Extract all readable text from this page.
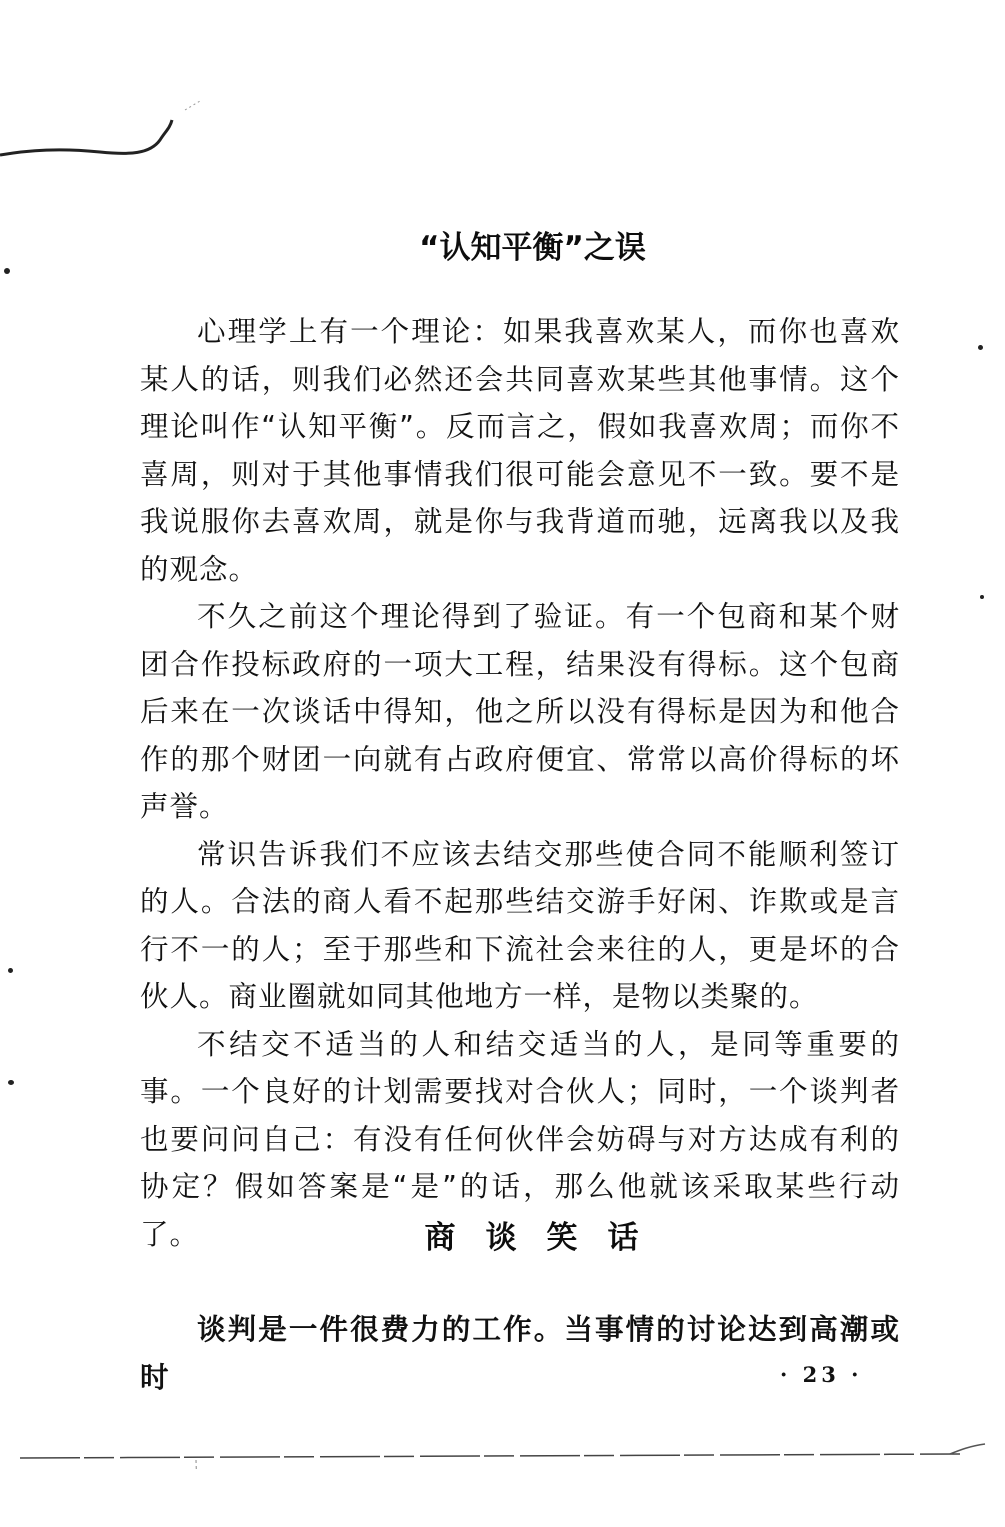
“认知平衡”之误

心理学上有一个理论：如果我喜欢某人，而你也喜欢某人的话，则我们必然还会共同喜欢某些其他事情。这个理论叫作“认知平衡”。反而言之，假如我喜欢周；而你不喜周，则对于其他事情我们很可能会意见不一致。要不是我说服你去喜欢周，就是你与我背道而驰，远离我以及我的观念。

不久之前这个理论得到了验证。有一个包商和某个财团合作投标政府的一项大工程，结果没有得标。这个包商后来在一次谈话中得知，他之所以没有得标是因为和他合作的那个财团一向就有占政府便宜、常常以高价得标的坏声誉。

常识告诉我们不应该去结交那些使合同不能顺利签订的人。合法的商人看不起那些结交游手好闲、诈欺或是言行不一的人；至于那些和下流社会来往的人，更是坏的合伙人。商业圈就如同其他地方一样，是物以类聚的。

不结交不适当的人和结交适当的人，是同等重要的事。一个良好的计划需要找对合伙人；同时，一个谈判者也要问问自己：有没有任何伙伴会妨碍与对方达成有利的协定？假如答案是“是”的话，那么他就该采取某些行动了。	商谈笑话

谈判是一件很费力的工作。当事情的讨论达到高潮或时	· 23 ·
